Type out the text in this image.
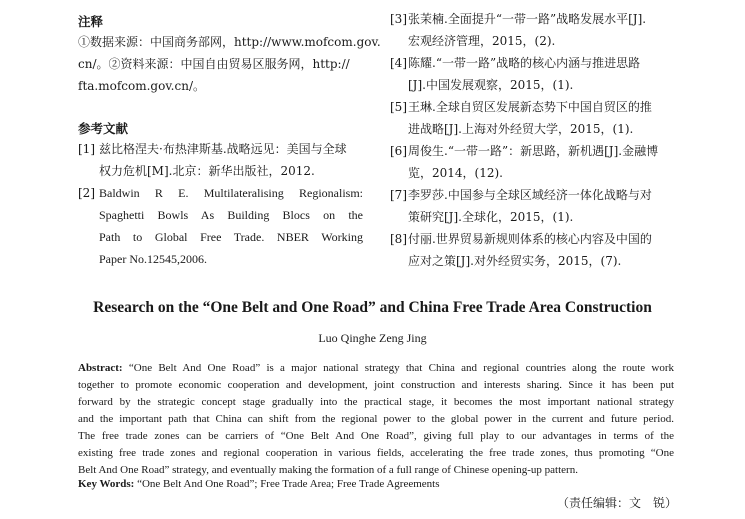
注释
①数据来源：中国商务部网，http://www.mofcom.gov.
cn/。②资料来源：中国自由贸易区服务网，http://
fta.mofcom.gov.cn/。
参考文献
[1] 兹比格涅夫·布热津斯基.战略远见：美国与全球
权力危机[M].北京：新华出版社，2012.
[2] Baldwin R E. Multilateralising Regionalism:
Spaghetti Bowls As Building Blocs on the
Path to Global Free Trade. NBER Working
Paper No.12545,2006.
[3] 张茉楠.全面提升“一带一路”战略发展水平[J].
宏观经济管理，2015，(2).
[4] 陈耀.“一带一路”战略的核心内涵与推进思路
[J].中国发展观察，2015，(1).
[5] 王琳.全球自贸区发展新态势下中国自贸区的推
进战略[J].上海对外经贸大学，2015，(1).
[6] 周俊生.“一带一路”：新思路，新机遇[J].金融博
览，2014，(12).
[7] 李罗莎.中国参与全球区域经济一体化战略与对
策研究[J].全球化，2015，(1).
[8] 付丽.世界贸易新规则体系的核心内容及中国的
应对之策[J].对外经贸实务，2015，(7).
Research on the “One Belt and One Road” and China Free Trade Area Construction
Luo Qinghe Zeng Jing
Abstract: “One Belt And One Road” is a major national strategy that China and regional countries along the route work
together to promote economic cooperation and development, joint construction and interests sharing. Since it has been put
forward by the strategic concept stage gradually into the practical stage, it becomes the most important national strategy
and the important path that China can shift from the regional power to the global power in the current and future period.
The free trade zones can be carriers of “One Belt And One Road”, giving full play to our advantages in terms of the
existing free trade zones and regional cooperation in various fields, accelerating the free trade zones, thus promoting “One
Belt And One Road” strategy, and eventually making the formation of a full range of Chinese opening-up pattern.
Key Words: “One Belt And One Road”; Free Trade Area; Free Trade Agreements
（责任编辑：文　锐）
